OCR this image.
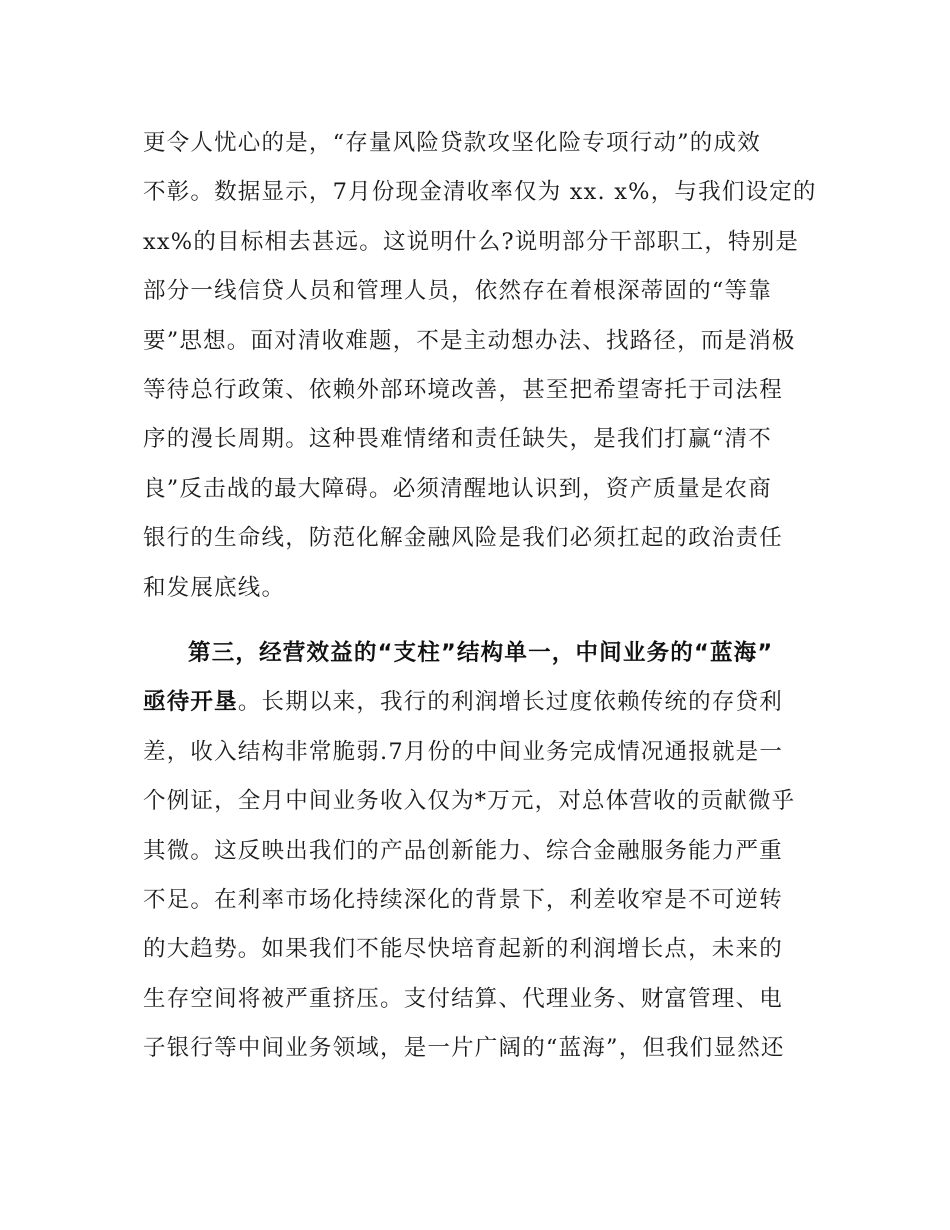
更令人忧心的是，“存量风险贷款攻坚化险专项行动”的成效
不彰。数据显示，7月份现金清收率仅为 xx. x%，与我们设定的
xx%的目标相去甚远。这说明什么?说明部分干部职工，特别是
部分一线信贷人员和管理人员，依然存在着根深蒂固的“等靠
要”思想。面对清收难题，不是主动想办法、找路径，而是消极
等待总行政策、依赖外部环境改善，甚至把希望寄托于司法程
序的漫长周期。这种畏难情绪和责任缺失，是我们打赢“清不
良”反击战的最大障碍。必须清醒地认识到，资产质量是农商
银行的生命线，防范化解金融风险是我们必须扛起的政治责任
和发展底线。
第三，经营效益的“支柱”结构单一，中间业务的“蓝海”
亟待开垦。长期以来，我行的利润增长过度依赖传统的存贷利
差，收入结构非常脆弱.7月份的中间业务完成情况通报就是一
个例证，全月中间业务收入仅为*万元，对总体营收的贡献微乎
其微。这反映出我们的产品创新能力、综合金融服务能力严重
不足。在利率市场化持续深化的背景下，利差收窄是不可逆转
的大趋势。如果我们不能尽快培育起新的利润增长点，未来的
生存空间将被严重挤压。支付结算、代理业务、财富管理、电
子银行等中间业务领域，是一片广阔的“蓝海”，但我们显然还
